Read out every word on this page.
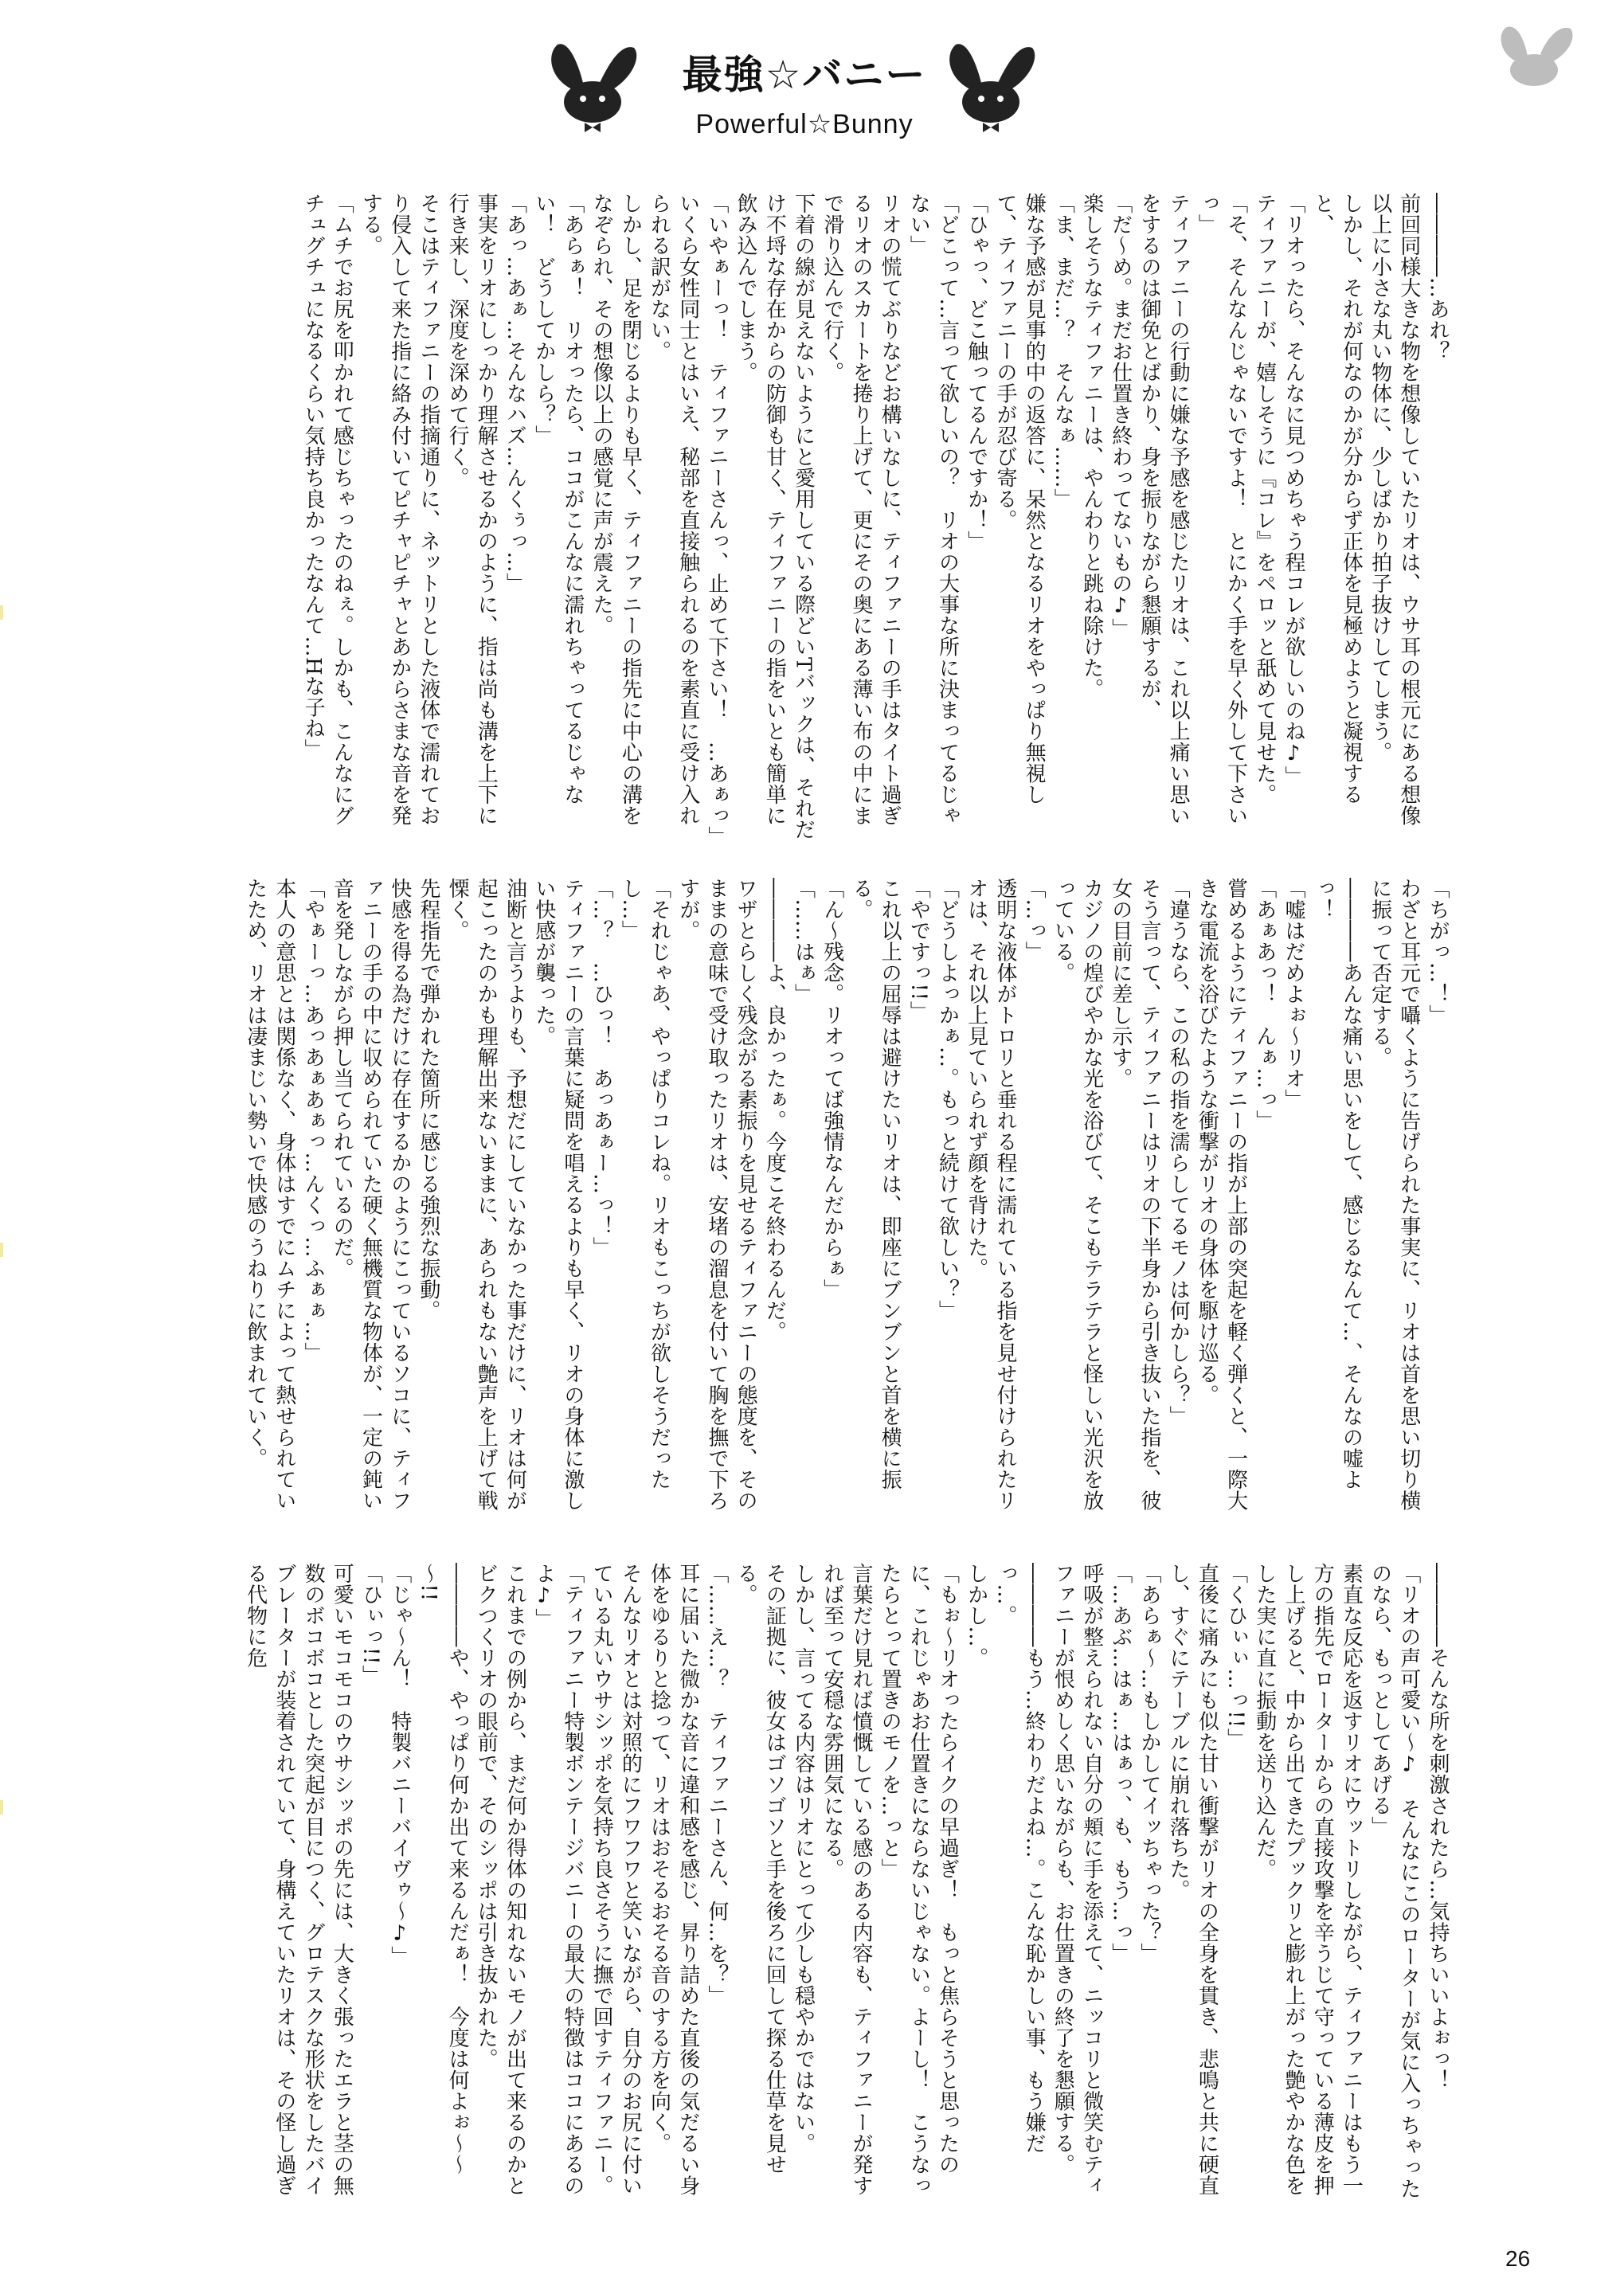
最強☆バニー
Powerful☆Bunny

――――…あれ？

前回同様大きな物を想像していたリオは、ウサ耳の根元にある想像以上に小さな丸い物体に、少しばかり拍子抜けしてしまう。

しかし、それが何なのかが分からず正体を見極めようと凝視すると、

「リオったら、そんなに見つめちゃう程コレが欲しいのね♪」

ティファニーが、嬉しそうに『コレ』をペロッと舐めて見せた。

「そ、そんなんじゃないですよ！　とにかく手を早く外して下さいっ」

ティファニーの行動に嫌な予感を感じたリオは、これ以上痛い思いをするのは御免とばかり、身を振りながら懇願するが、

「だ～め。まだお仕置き終わってないもの♪」

楽しそうなティファニーは、やんわりと跳ね除けた。

「ま、まだ…？　そんなぁ……」

嫌な予感が見事的中の返答に、呆然となるリオをやっぱり無視して、ティファニーの手が忍び寄る。

「ひゃっ、どこ触ってるんですか！」

「どこって…言って欲しいの？　リオの大事な所に決まってるじゃない」

リオの慌てぶりなどお構いなしに、ティファニーの手はタイト過ぎるリオのスカートを捲り上げて、更にその奥にある薄い布の中にまで滑り込んで行く。

下着の線が見えないようにと愛用している際どいTバックは、それだけ不埒な存在からの防御も甘く、ティファニーの指をいとも簡単に飲み込んでしまう。

「いやぁーっ！　ティファニーさんっ、止めて下さい！　…あぁっ」

いくら女性同士とはいえ、秘部を直接触られるのを素直に受け入れられる訳がない。

しかし、足を閉じるよりも早く、ティファニーの指先に中心の溝をなぞられ、その想像以上の感覚に声が震えた。

「あらぁ！　リオったら、ココがこんなに濡れちゃってるじゃない！　どうしてかしら？」

「あっ…あぁ…そんなハズ…んくぅっ…」

事実をリオにしっかり理解させるかのように、指は尚も溝を上下に行き来し、深度を深めて行く。

そこはティファニーの指摘通りに、ネットリとした液体で濡れており侵入して来た指に絡み付いてピチャピチャとあからさまな音を発する。

「ムチでお尻を叩かれて感じちゃったのねぇ。しかも、こんなにグチュグチュになるくらい気持ち良かったなんて…Hな子ね」

「ちがっ…！」

わざと耳元で囁くように告げられた事実に、リオは首を思い切り横に振って否定する。

――――あんな痛い思いをして、感じるなんて…、そんなの嘘よっ！

「嘘はだめよぉ～リオ」

「あぁあっ！　んぁ…っ」

嘗めるようにティファニーの指が上部の突起を軽く弾くと、一際大きな電流を浴びたような衝撃がリオの身体を駆け巡る。

「違うなら、この私の指を濡らしてるモノは何かしら？」

そう言って、ティファニーはリオの下半身から引き抜いた指を、彼女の目前に差し示す。

カジノの煌びやかな光を浴びて、そこもテラテラと怪しい光沢を放っている。

「…っ」

透明な液体がトロリと垂れる程に濡れている指を見せ付けられたリオは、それ以上見ていられず顔を背けた。

「どうしよっかぁ…。もっと続けて欲しい？」

「やですっ!!」

これ以上の屈辱は避けたいリオは、即座にブンブンと首を横に振る。

「ん～残念。リオってば強情なんだからぁ」

「……はぁ」

――――よ、良かったぁ。今度こそ終わるんだ。

ワザとらしく残念がる素振りを見せるティファニーの態度を、そのままの意味で受け取ったリオは、安堵の溜息を付いて胸を撫で下ろすが。

「それじゃあ、やっぱりコレね。リオもこっちが欲しそうだったし…」

「…？　…ひっ！　あっあぁー…っ！」

ティファニーの言葉に疑問を唱えるよりも早く、リオの身体に激しい快感が襲った。

油断と言うよりも、予想だにしていなかった事だけに、リオは何が起こったのかも理解出来ないままに、あられもない艶声を上げて戦慄く。

先程指先で弾かれた箇所に感じる強烈な振動。

快感を得る為だけに存在するかのようにこっているソコに、ティファニーの手の中に収められていた硬く無機質な物体が、一定の鈍い音を発しながら押し当てられているのだ。

「やぁーっ…あっあぁあぁっ…んくっ…ふぁぁ…」

本人の意思とは関係なく、身体はすでにムチによって熱せられていたため、リオは凄まじい勢いで快感のうねりに飲まれていく。

――――そんな所を刺激されたら…気持ちいいよぉっ！

「リオの声可愛い～♪　そんなにこのローターが気に入っちゃったのなら、もっとしてあげる」

素直な反応を返すリオにウットリしながら、ティファニーはもう一方の指先でローターからの直接攻撃を辛うじて守っている薄皮を押し上げると、中から出てきたプックリと膨れ上がった艶やかな色をした実に直に振動を送り込んだ。

「くひぃぃ…っ!!」

直後に痛みにも似た甘い衝撃がリオの全身を貫き、悲鳴と共に硬直し、すぐにテーブルに崩れ落ちた。

「あらぁ～…もしかしてイッちゃった？」

「…あぶ…はぁ…はぁっ、も、もう…っ」

呼吸が整えられない自分の頬に手を添えて、ニッコリと微笑むティファニーが恨めしく思いながらも、お仕置きの終了を懇願する。

――――もう…終わりだよね…。こんな恥かしい事、もう嫌だっ…。

しかし…。

「もぉ～リオったらイクの早過ぎ！　もっと焦らそうと思ったのに、これじゃあお仕置きにならないじゃない。よーし！　こうなったらとって置きのモノを…っと」

言葉だけ見れば憤慨している感のある内容も、ティファニーが発すれば至って安穏な雰囲気になる。

しかし、言ってる内容はリオにとって少しも穏やかではない。

その証拠に、彼女はゴソゴソと手を後ろに回して探る仕草を見せる。

「……え…？　ティファニーさん、何…を？」

耳に届いた微かな音に違和感を感じ、昇り詰めた直後の気だるい身体をゆるりと捻って、リオはおそるおそる音のする方を向く。

そんなリオとは対照的にフワフワと笑いながら、自分のお尻に付いている丸いウサシッポを気持ち良さそうに撫で回すティファニー。

「ティファニー特製ボンテージバニーの最大の特徴はココにあるのよ♪」

これまでの例から、まだ何か得体の知れないモノが出て来るのかとビクつくリオの眼前で、そのシッポは引き抜かれた。

――――や、やっぱり何か出て来るんだぁ！　今度は何よぉ～～～!!

「じゃ～ん！　特製バニーバイヴゥ～♪」

「ひぃっ!!」

可愛いモコモコのウサシッポの先には、大きく張ったエラと茎の無数のボコボコとした突起が目につく、グロテスクな形状をしたバイブレーターが装着されていて、身構えていたリオは、その怪し過ぎる代物に危

26
